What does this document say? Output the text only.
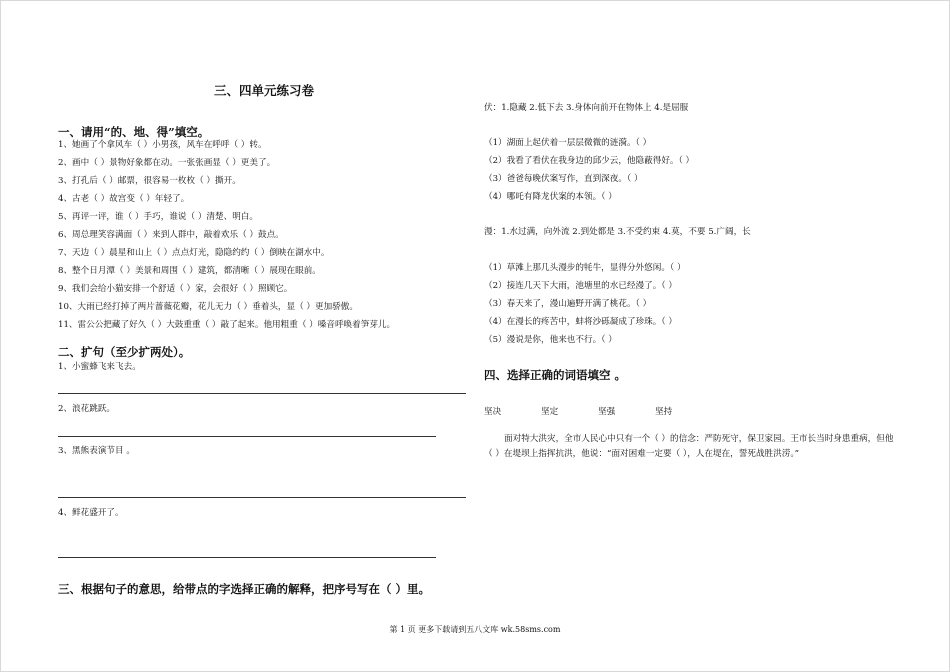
三、四单元练习卷
一、请用“的、地、得”填空。
1、她画了个拿风车（ ）小男孩，风车在呼呼（ ）转。
2、画中（ ）景物好象都在动。一张张画显（ ）更美了。
3、打孔后（ ）邮票，很容易一枚枚（ ）撕开。
4、古老（ ）故宫变（ ）年轻了。
5、再评一评，谁（ ）手巧，谁说（ ）清楚、明白。
6、周总理笑容满面（ ）来到人群中，敲着欢乐（ ）鼓点。
7、天边（ ）晨星和山上（ ）点点灯光，隐隐约约（ ）倒映在湖水中。
8、整个日月潭（ ）美景和周围（ ）建筑，都清晰（ ）展现在眼前。
9、我们会给小猫安排一个舒适（ ）家，会很好（ ）照顾它。
10、大雨已经打掉了两片蔷薇花瓣，花儿无力（ ）垂着头，显（ ）更加骄傲。
11、雷公公把藏了好久（ ）大鼓重重（ ）敲了起来。他用粗重（ ）嗓音呼唤着笋芽儿。
二、扩句（至少扩两处）。
1、小蜜蜂飞来飞去。
2、浪花跳跃。
3、黑熊表演节目 。
4、鲜花盛开了。
三、根据句子的意思，给带点的字选择正确的解释，把序号写在（ ）里。
伏：1.隐藏 2.低下去 3.身体向前开在物体上 4.是屈服
（1）湖面上起伏着一层层微微的涟漪。（ ）
（2）我看了看伏在我身边的邱少云，他隐蔽得好。（ ）
（3）爸爸每晚伏案写作，直到深夜。（ ）
（4）哪吒有降龙伏案的本领。（ ）
漫：1.水过满，向外流 2.到处都是 3.不受约束 4.莫，不要 5.广阔，长
（1）草滩上那几头漫步的牦牛，显得分外悠闲。（ ）
（2）接连几天下大雨，池塘里的水已经漫了。（ ）
（3）春天来了，漫山遍野开满了桃花。（ ）
（4）在漫长的疼苦中，蚌将沙砾凝成了珍珠。（ ）
（5）漫说是你，他来也不行。（ ）
四、选择正确的词语填空 。
坚决	坚定	坚强	坚持
面对特大洪灾，全市人民心中只有一个（ ）的信念：严防死守，保卫家园。王市长当时身患重病，但他（ ）在堤坝上指挥抗洪，他说：“面对困难一定要（ ），人在堤在，誓死战胜洪涝。”
第 1 页 更多下载请到五八文库 wk.58sms.com
